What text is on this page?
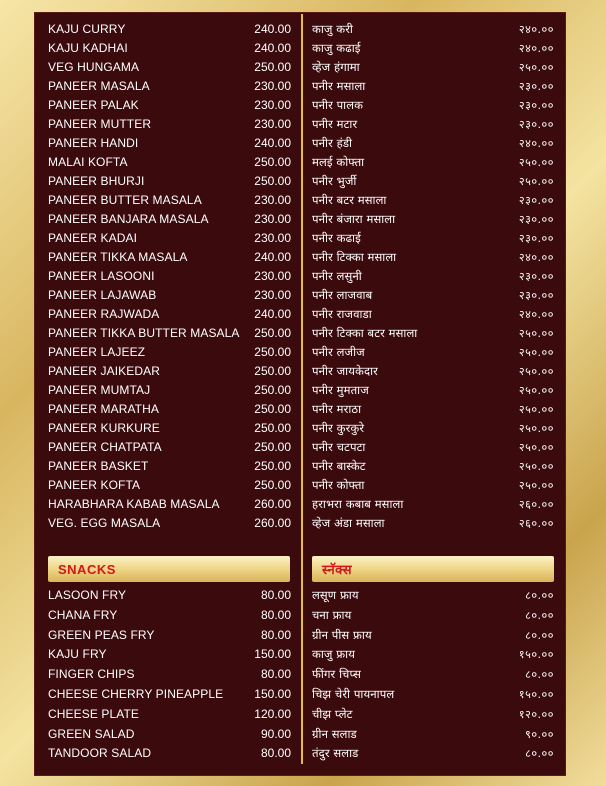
KAJU CURRY	240.00
KAJU KADHAI	240.00
VEG HUNGAMA	250.00
PANEER MASALA	230.00
PANEER PALAK	230.00
PANEER MUTTER	230.00
PANEER HANDI	240.00
MALAI KOFTA	250.00
PANEER BHURJI	250.00
PANEER BUTTER MASALA	230.00
PANEER BANJARA MASALA	230.00
PANEER KADAI	230.00
PANEER TIKKA MASALA	240.00
PANEER LASOONI	230.00
PANEER LAJAWAB	230.00
PANEER RAJWADA	240.00
PANEER TIKKA BUTTER MASALA 250.00
PANEER LAJEEZ	250.00
PANEER JAIKEDAR	250.00
PANEER MUMTAJ	250.00
PANEER MARATHA	250.00
PANEER KURKURE	250.00
PANEER CHATPATA	250.00
PANEER BASKET	250.00
PANEER KOFTA	250.00
HARABHARA KABAB MASALA	260.00
VEG. EGG MASALA	260.00
काजु करी	२४०.००
काजु कढाई	२४०.००
व्हेज हंगामा	२५०.००
पनीर मसाला	२३०.००
पनीर पालक	२३०.००
पनीर मटार	२३०.००
पनीर हंडी	२४०.००
मलई कोफ्ता	२५०.००
पनीर भुर्जी	२५०.००
पनीर बटर मसाला	२३०.००
पनीर बंजारा मसाला	२३०.००
पनीर कढाई	२३०.००
पनीर टिक्का मसाला	२४०.००
पनीर लसुनी	२३०.००
पनीर लाजवाब	२३०.००
पनीर राजवाडा	२४०.००
पनीर टिक्का बटर मसाला	२५०.००
पनीर लजीज	२५०.००
पनीर जायकेदार	२५०.००
पनीर मुमताज	२५०.००
पनीर मराठा	२५०.००
पनीर कुरकुरे	२५०.००
पनीर चटपटा	२५०.००
पनीर बास्केट	२५०.००
पनीर कोफ्ता	२५०.००
हराभरा कबाब मसाला	२६०.००
व्हेज अंडा मसाला	२६०.००
SNACKS	स्नॅक्स
LASOON FRY	80.00
CHANA FRY	80.00
GREEN PEAS FRY	80.00
KAJU FRY	150.00
FINGER CHIPS	80.00
CHEESE CHERRY PINEAPPLE	150.00
CHEESE PLATE	120.00
GREEN SALAD	90.00
TANDOOR SALAD	80.00
लसूण फ्राय	८०.००
चना फ्राय	८०.००
ग्रीन पीस फ्राय	८०.००
काजु फ्राय	१५०.००
फींगर चिप्स	८०.००
चिझ चेरी पायनापल	१५०.००
चीझ प्लेट	१२०.००
ग्रीन सलाड	९०.००
तंदुर सलाड	८०.००
